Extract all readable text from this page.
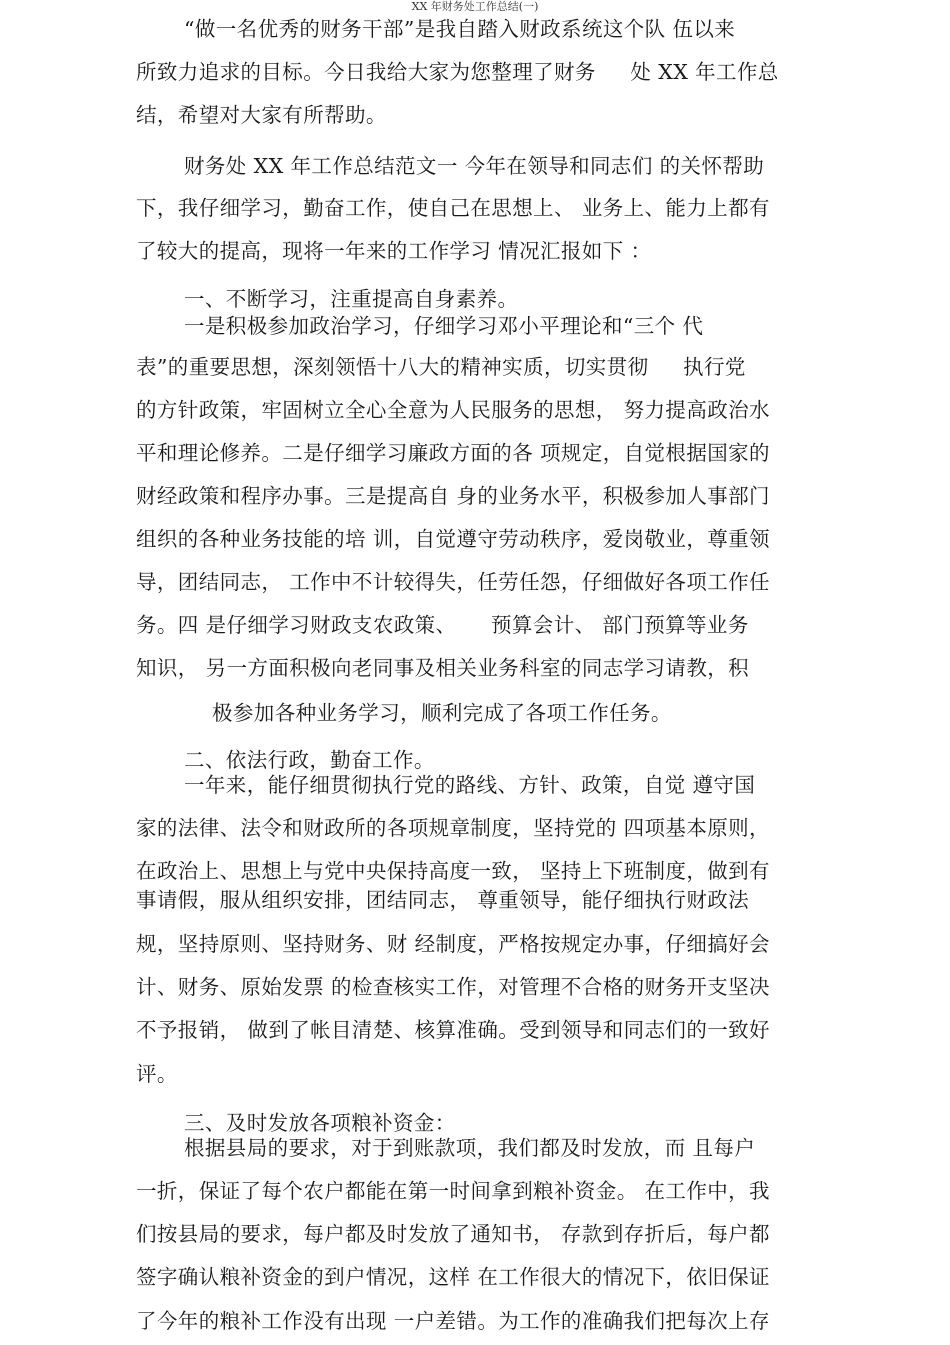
XX 年财务处工作总结(一)
“做一名优秀的财务干部”是我自踏入财政系统这个队 伍以来
所致力追求的目标。今日我给大家为您整理了财务     处 XX 年工作总
结，希望对大家有所帮助。
财务处 XX 年工作总结范文一 今年在领导和同志们 的关怀帮助
下，我仔细学习，勤奋工作，使自己在思想上、 业务上、能力上都有
了较大的提高，现将一年来的工作学习 情况汇报如下 ：
一、不断学习，注重提高自身素养。
一是积极参加政治学习，仔细学习邓小平理论和“三个 代
表”的重要思想，深刻领悟十八大的精神实质，切实贯彻     执行党
的方针政策，牢固树立全心全意为人民服务的思想， 努力提高政治水
平和理论修养。二是仔细学习廉政方面的各 项规定，自觉根据国家的
财经政策和程序办事。三是提高自 身的业务水平，积极参加人事部门
组织的各种业务技能的培 训，自觉遵守劳动秩序，爱岗敬业，尊重领
导，团结同志， 工作中不计较得失，任劳任怨，仔细做好各项工作任
务。四 是仔细学习财政支农政策、     预算会计、 部门预算等业务
知识， 另一方面积极向老同事及相关业务科室的同志学习请教，积
极参加各种业务学习，顺利完成了各项工作任务。
二、依法行政，勤奋工作。
一年来，能仔细贯彻执行党的路线、方针、政策，自觉 遵守国
家的法律、法令和财政所的各项规章制度，坚持党的 四项基本原则，
在政治上、思想上与党中央保持高度一致， 坚持上下班制度，做到有
事请假，服从组织安排，团结同志， 尊重领导，能仔细执行财政法
规，坚持原则、坚持财务、财 经制度，严格按规定办事，仔细搞好会
计、财务、原始发票 的检查核实工作，对管理不合格的财务开支坚决
不予报销， 做到了帐目清楚、核算准确。受到领导和同志们的一致好
评。
三、及时发放各项粮补资金：
根据县局的要求，对于到账款项，我们都及时发放，而 且每户
一折，保证了每个农户都能在第一时间拿到粮补资金。 在工作中，我
们按县局的要求，每户都及时发放了通知书， 存款到存折后，每户都
签字确认粮补资金的到户情况，这样 在工作很大的情况下，依旧保证
了今年的粮补工作没有出现 一户差错。为工作的准确我们把每次上存
